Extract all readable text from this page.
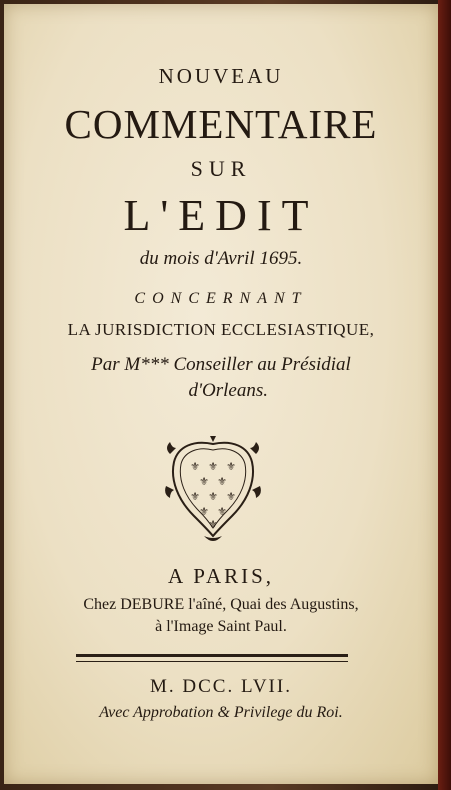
NOUVEAU
COMMENTAIRE
SUR
L'EDIT
du mois d'Avril 1695.
CONCERNANT
LA JURISDICTION ECCLESIASTIQUE,
Par M*** Conseiller au Présidial
d'Orleans.
⚜ ⚜ ⚜
⚜ ⚜
⚜ ⚜ ⚜
⚜ ⚜
⚜
A PARIS,
Chez DEBURE l'aîné, Quai des Augustins,
à l'Image Saint Paul.
M. DCC. LVII.
Avec Approbation & Privilege du Roi.
